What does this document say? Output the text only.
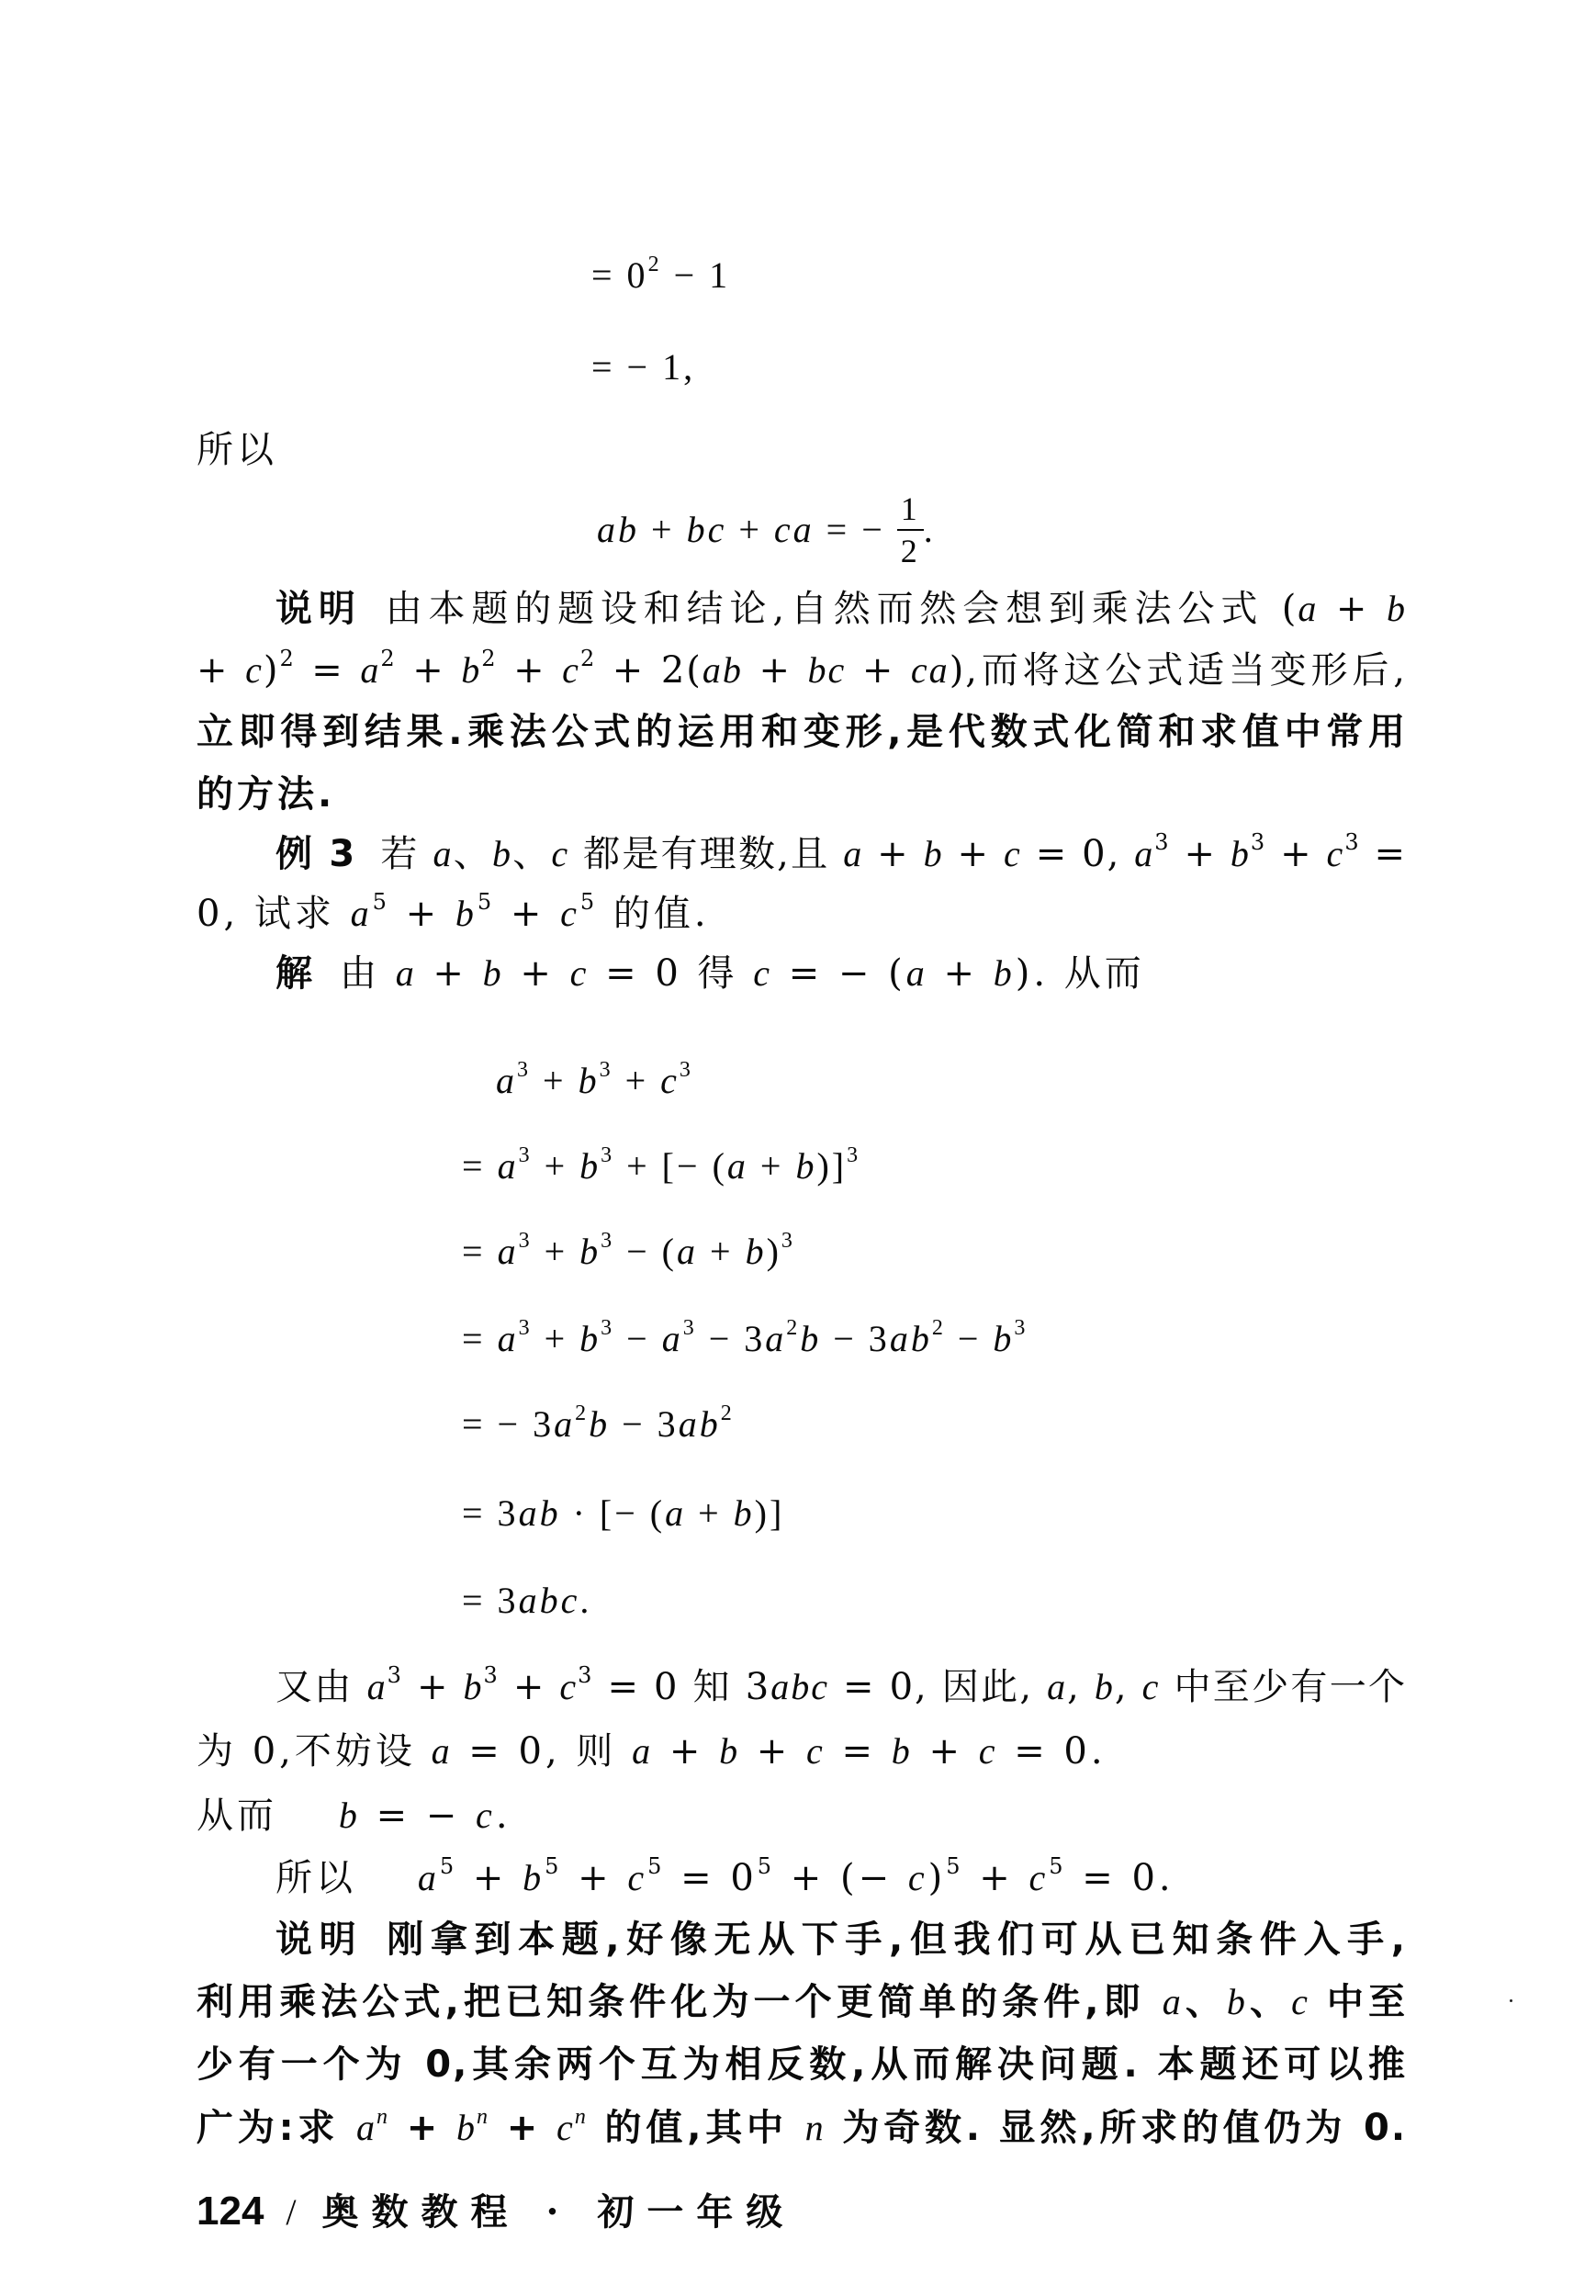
= $0^2 - 1$
= − 1,
所以
ab + bc + ca = − $\frac{1}{2}$ .
说明 由本题的题设和结论,自然而然会想到乘法公式 (a + b
+ $c)^2 = a^2 + b^2 + c^2 + 2(ab$ + bc + ca),而将这公式适当变形后,
立即得到结果.乘法公式的运用和变形,是代数式化简和求值中常用
的方法.
例 3 若 a、b、c 都是有理数,且 a + b + c = 0, $a^3 + b^3 + c^3$ =
0, 试求 $a^5 + b^5 + c^5$ 的值.
解 由 a + b + c = 0 得 c = − (a + b). 从而
$a^3 + b^3 + c^3$
= $a^3 + b^3$ + [− (a + b)]$^3$
= $a^3 + b^3 - (a + b)^3$
= $a^3 + b^3 - a^3 - 3a^2b - 3ab^2 - b^3$
= − $3a^2b - 3ab^2$
= 3ab · [− (a + b)]
= 3abc.
又由 $a^3 + b^3 + c^3 = 0$ 知 3abc = 0, 因此, a, b, c 中至少有一个
为 0,不妨设 a = 0, 则 a + b + c = b + c = 0.
从而    b = − c.
所以    $a^5 + b^5 + c^5 = 0^5$ + (− $c)^5 + c^5 = 0$.
说明 刚拿到本题,好像无从下手,但我们可从已知条件入手,
利用乘法公式,把已知条件化为一个更简单的条件,即 a、b、c 中至
少有一个为 0,其余两个互为相反数,从而解决问题. 本题还可以推
广为:求 $a^n + b^n + c^n$ 的值,其中 n 为奇数. 显然,所求的值仍为 0.
124 / 奥数教程 · 初一年级
